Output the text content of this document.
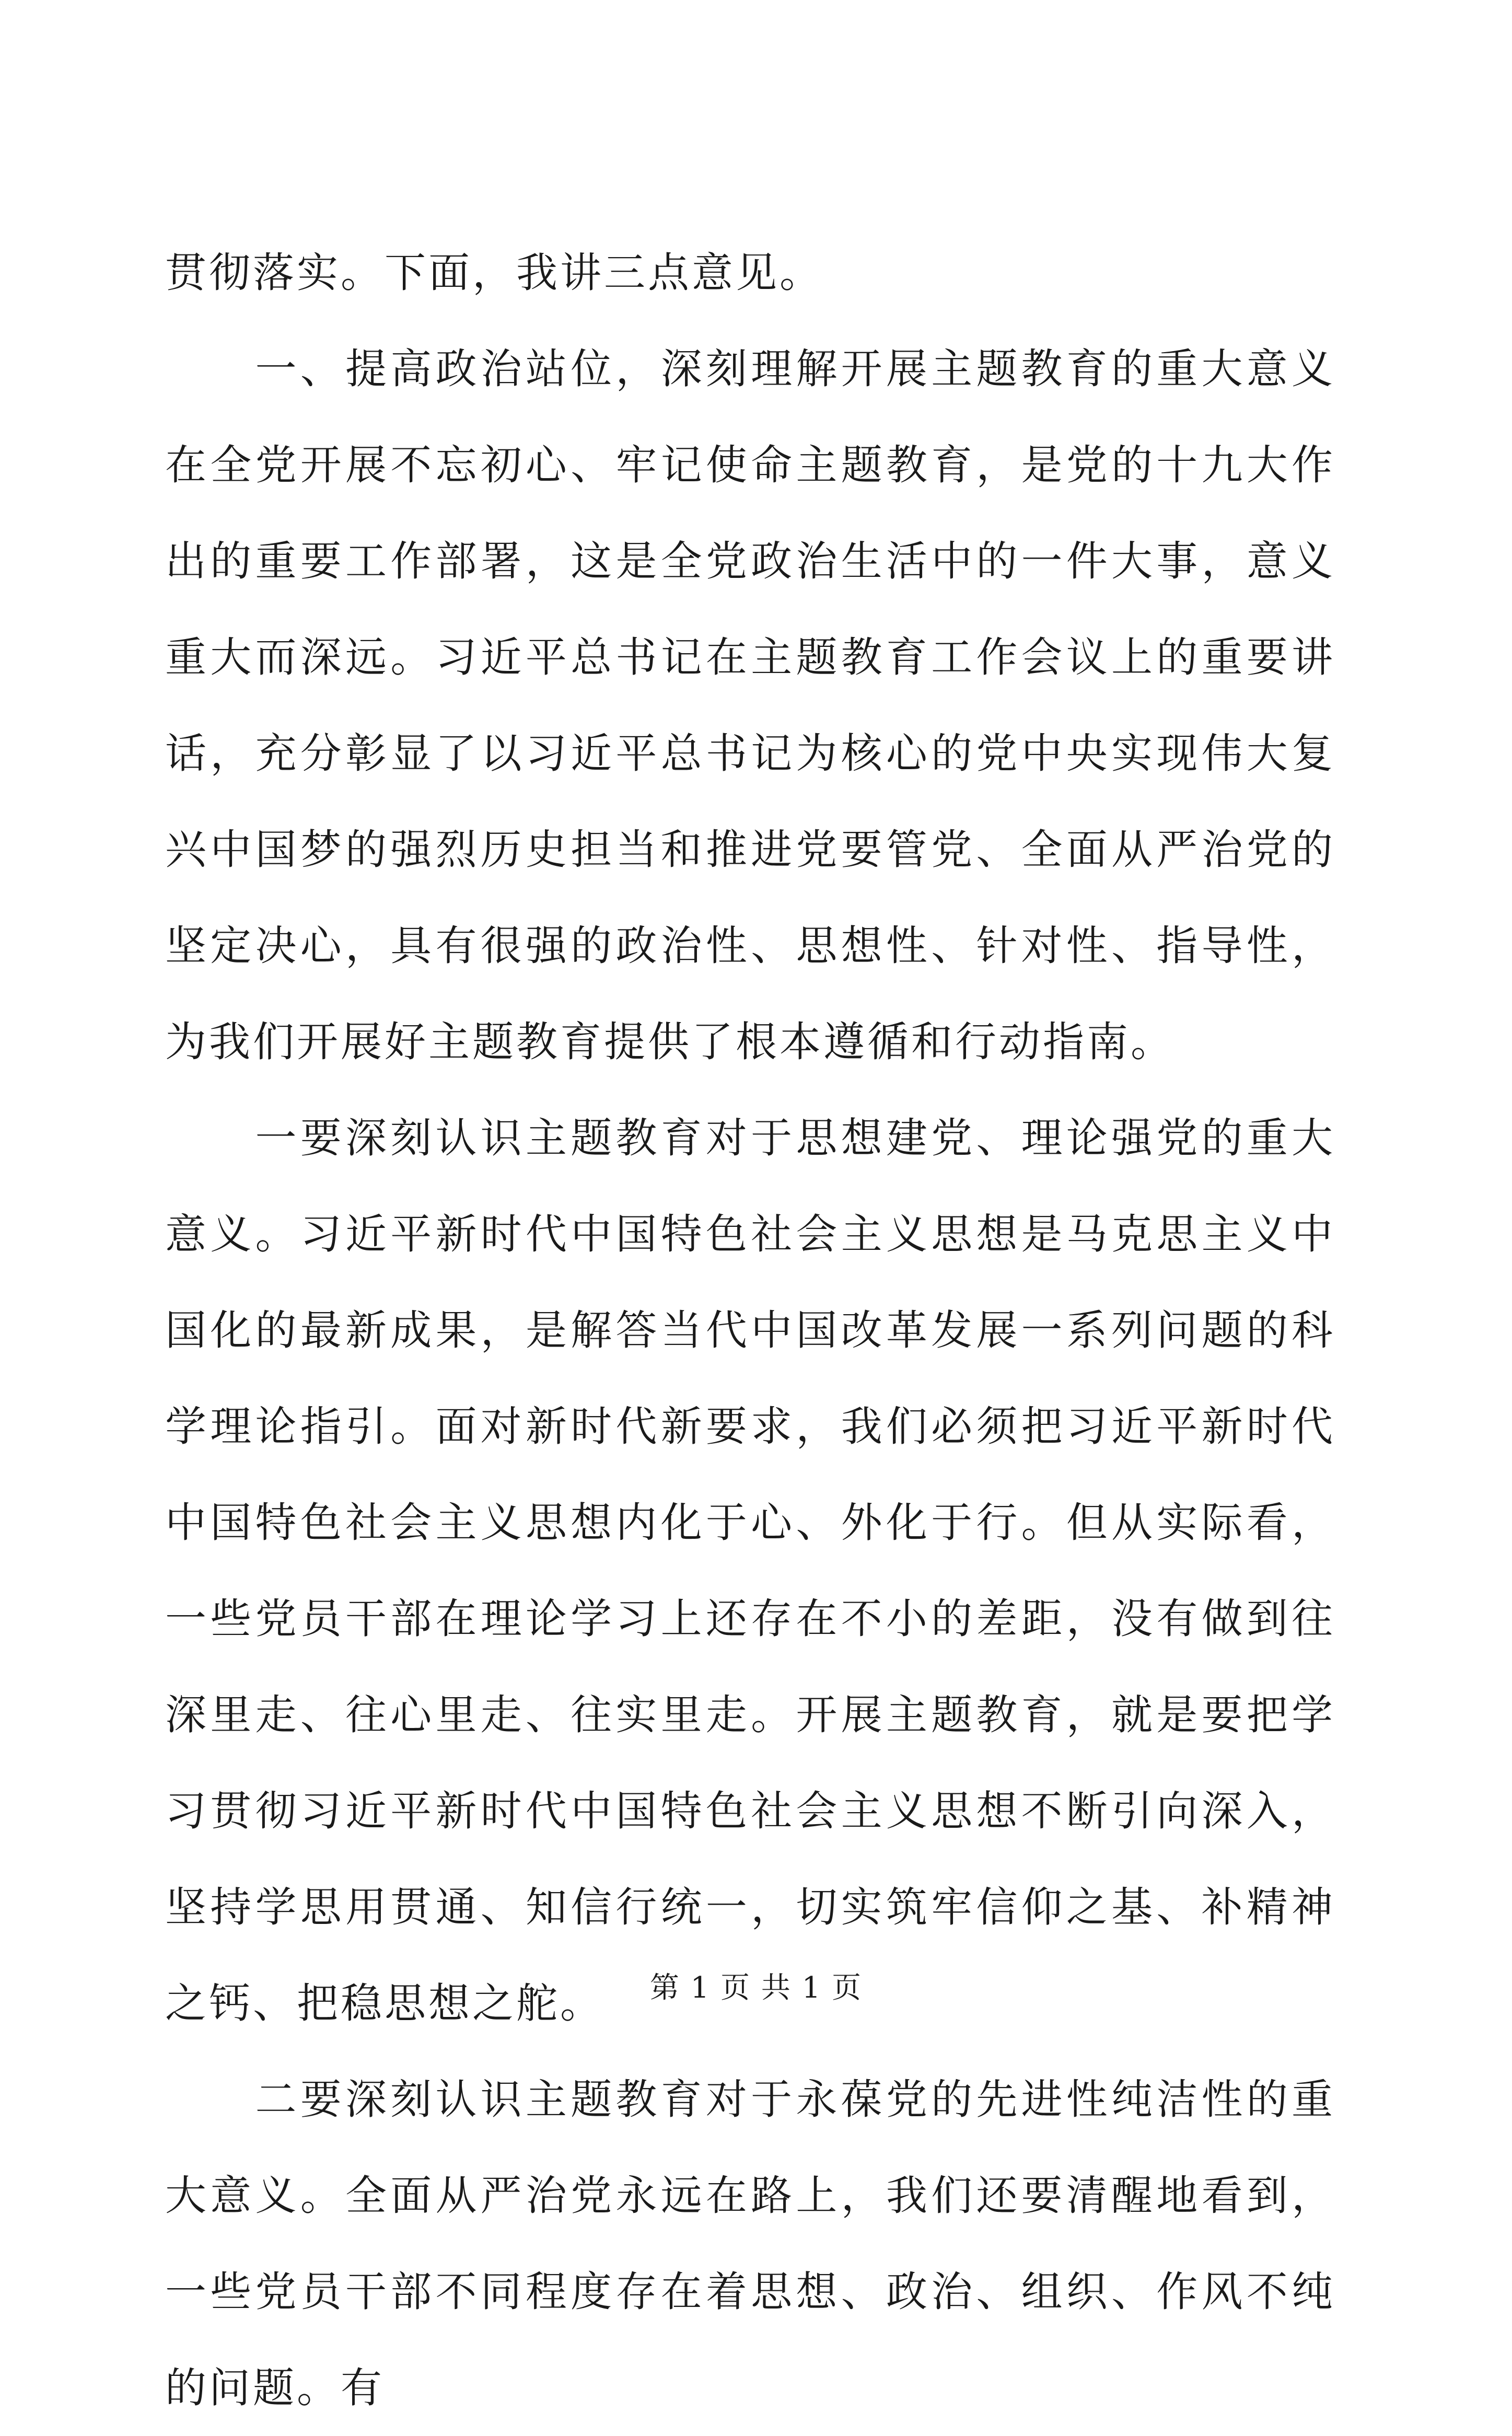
贯彻落实。下面，我讲三点意见。

　　一、提高政治站位，深刻理解开展主题教育的重大意义在全党开展不忘初心、牢记使命主题教育，是党的十九大作出的重要工作部署，这是全党政治生活中的一件大事，意义重大而深远。习近平总书记在主题教育工作会议上的重要讲话，充分彰显了以习近平总书记为核心的党中央实现伟大复兴中国梦的强烈历史担当和推进党要管党、全面从严治党的坚定决心，具有很强的政治性、思想性、针对性、指导性，为我们开展好主题教育提供了根本遵循和行动指南。

　　一要深刻认识主题教育对于思想建党、理论强党的重大意义。习近平新时代中国特色社会主义思想是马克思主义中国化的最新成果，是解答当代中国改革发展一系列问题的科学理论指引。面对新时代新要求，我们必须把习近平新时代中国特色社会主义思想内化于心、外化于行。但从实际看，一些党员干部在理论学习上还存在不小的差距，没有做到往深里走、往心里走、往实里走。开展主题教育，就是要把学习贯彻习近平新时代中国特色社会主义思想不断引向深入，坚持学思用贯通、知信行统一，切实筑牢信仰之基、补精神之钙、把稳思想之舵。

　　二要深刻认识主题教育对于永葆党的先进性纯洁性的重大意义。全面从严治党永远在路上，我们还要清醒地看到，一些党员干部不同程度存在着思想、政治、组织、作风不纯的问题。有

第 1 页 共 1 页
